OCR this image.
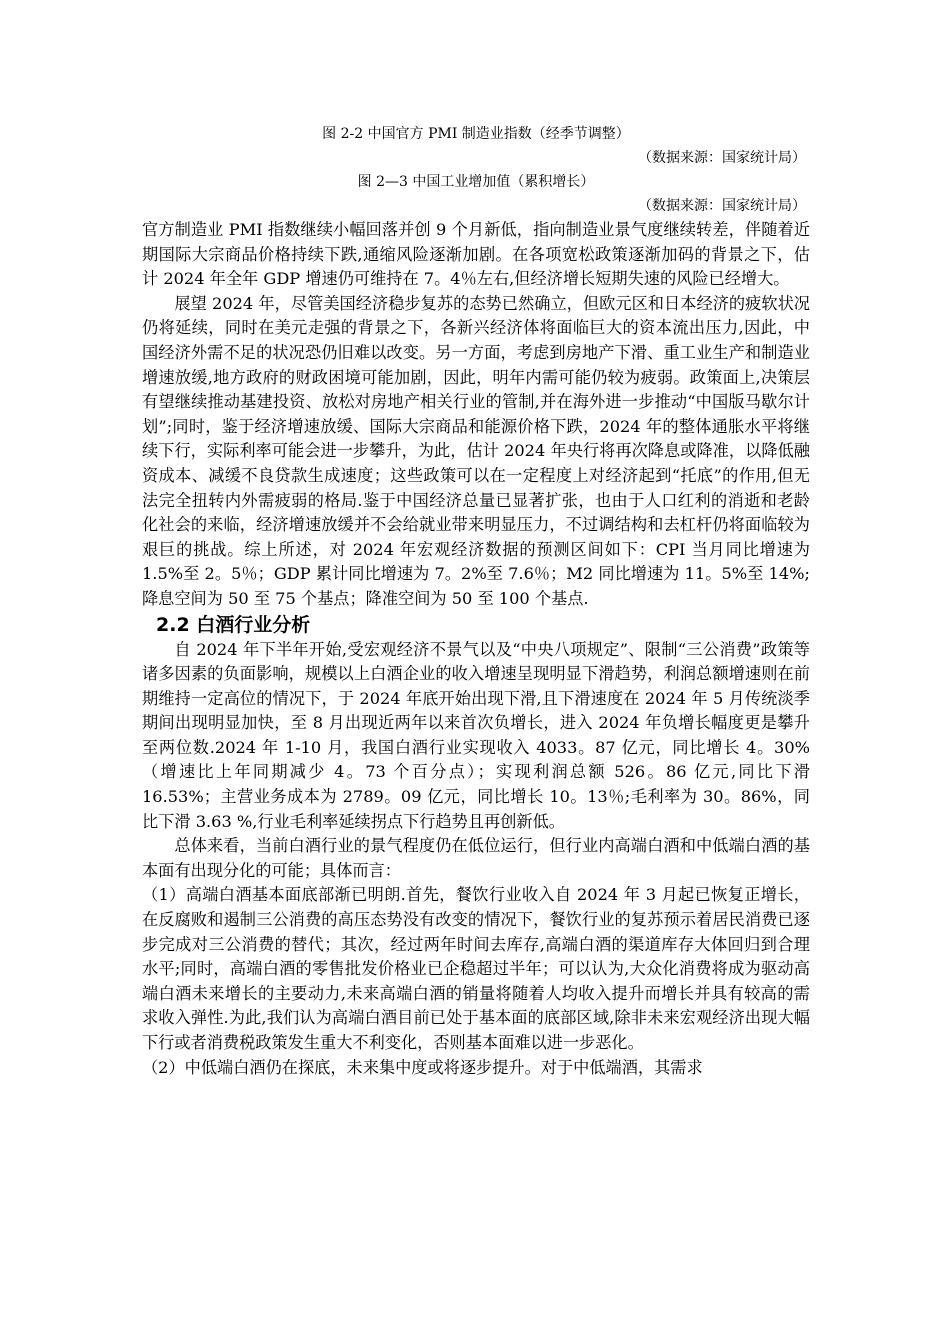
图 2-2 中国官方 PMI 制造业指数（经季节调整）

（数据来源：国家统计局）

图 2—3 中国工业增加值（累积增长）

（数据来源：国家统计局）

官方制造业 PMI 指数继续小幅回落并创 9 个月新低，指向制造业景气度继续转差，伴随着近期国际大宗商品价格持续下跌,通缩风险逐渐加剧。在各项宽松政策逐渐加码的背景之下，估计 2024 年全年 GDP 增速仍可维持在 7。4％左右,但经济增长短期失速的风险已经增大。

展望 2024 年，尽管美国经济稳步复苏的态势已然确立，但欧元区和日本经济的疲软状况仍将延续，同时在美元走强的背景之下，各新兴经济体将面临巨大的资本流出压力,因此，中国经济外需不足的状况恐仍旧难以改变。另一方面，考虑到房地产下滑、重工业生产和制造业增速放缓,地方政府的财政困境可能加剧，因此，明年内需可能仍较为疲弱。政策面上,决策层有望继续推动基建投资、放松对房地产相关行业的管制,并在海外进一步推动“中国版马歇尔计划”;同时，鉴于经济增速放缓、国际大宗商品和能源价格下跌，2024 年的整体通胀水平将继续下行，实际利率可能会进一步攀升，为此，估计 2024 年央行将再次降息或降准，以降低融资成本、减缓不良贷款生成速度；这些政策可以在一定程度上对经济起到“托底”的作用,但无法完全扭转内外需疲弱的格局.鉴于中国经济总量已显著扩张，也由于人口红利的消逝和老龄化社会的来临，经济增速放缓并不会给就业带来明显压力，不过调结构和去杠杆仍将面临较为艰巨的挑战。综上所述，对 2024 年宏观经济数据的预测区间如下：CPI 当月同比增速为 1.5%至 2。5％；GDP 累计同比增速为 7。2%至 7.6％；M2 同比增速为 11。5%至 14%;降息空间为 50 至 75 个基点；降准空间为 50 至 100 个基点.

2.2 白酒行业分析

自 2024 年下半年开始,受宏观经济不景气以及“中央八项规定”、限制“三公消费”政策等诸多因素的负面影响，规模以上白酒企业的收入增速呈现明显下滑趋势，利润总额增速则在前期维持一定高位的情况下，于 2024 年底开始出现下滑,且下滑速度在 2024 年 5 月传统淡季期间出现明显加快，至 8 月出现近两年以来首次负增长，进入 2024 年负增长幅度更是攀升至两位数.2024 年 1-10 月，我国白酒行业实现收入 4033。87 亿元，同比增长 4。30%（增速比上年同期减少 4。73 个百分点）；实现利润总额 526。86 亿元,同比下滑 16.53%；主营业务成本为 2789。09 亿元，同比增长 10。13％;毛利率为 30。86%，同比下滑 3.63 %,行业毛利率延续拐点下行趋势且再创新低。

总体来看，当前白酒行业的景气程度仍在低位运行，但行业内高端白酒和中低端白酒的基本面有出现分化的可能；具体而言：

（1）高端白酒基本面底部渐已明朗.首先，餐饮行业收入自 2024 年 3 月起已恢复正增长，在反腐败和遏制三公消费的高压态势没有改变的情况下，餐饮行业的复苏预示着居民消费已逐步完成对三公消费的替代；其次，经过两年时间去库存,高端白酒的渠道库存大体回归到合理水平;同时，高端白酒的零售批发价格业已企稳超过半年；可以认为,大众化消费将成为驱动高端白酒未来增长的主要动力,未来高端白酒的销量将随着人均收入提升而增长并具有较高的需求收入弹性.为此,我们认为高端白酒目前已处于基本面的底部区域,除非未来宏观经济出现大幅下行或者消费税政策发生重大不利变化，否则基本面难以进一步恶化。

（2）中低端白酒仍在探底，未来集中度或将逐步提升。对于中低端酒，其需求
